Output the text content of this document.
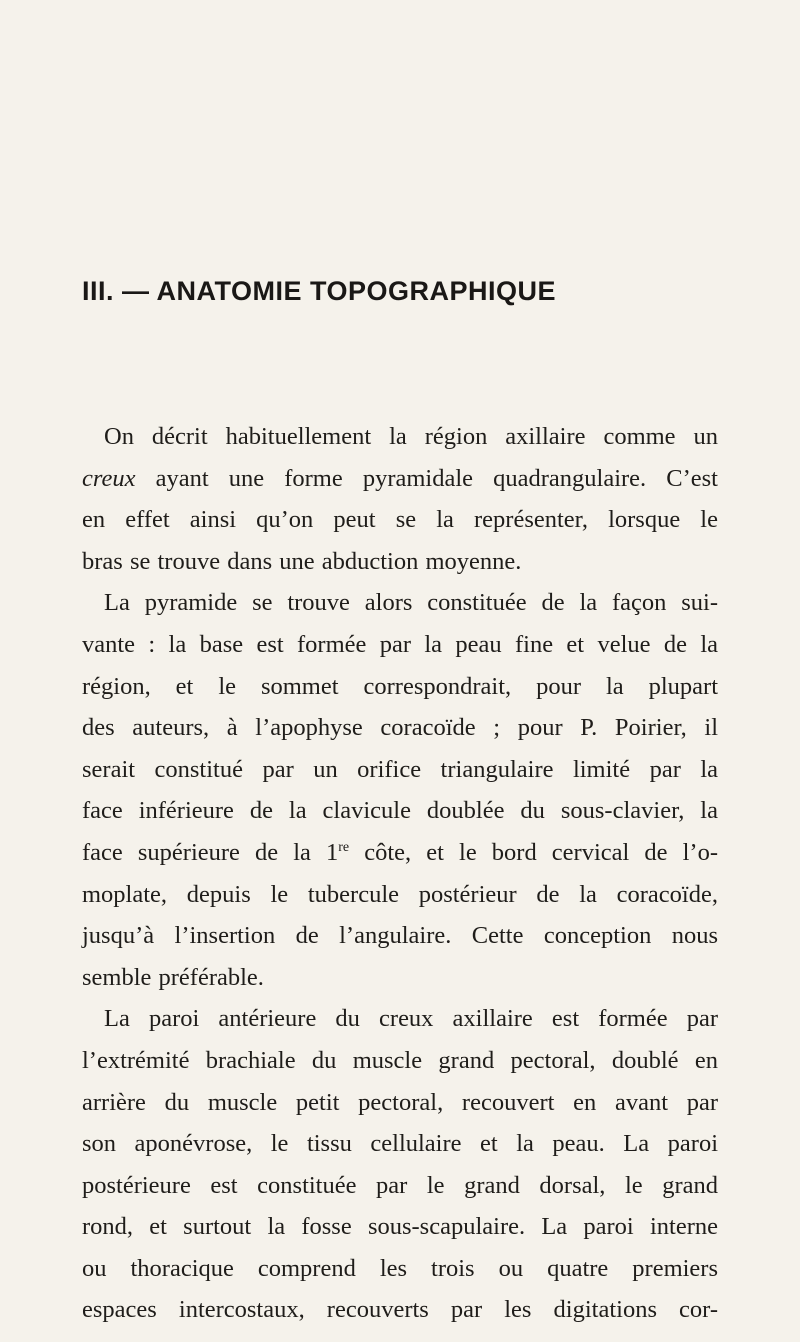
III. — ANATOMIE TOPOGRAPHIQUE
On décrit habituellement la région axillaire comme un
creux ayant une forme pyramidale quadrangulaire. C’est
en effet ainsi qu’on peut se la représenter, lorsque le
bras se trouve dans une abduction moyenne.
La pyramide se trouve alors constituée de la façon sui-
vante : la base est formée par la peau fine et velue de la
région, et le sommet correspondrait, pour la plupart
des auteurs, à l’apophyse coracoïde ; pour P. Poirier, il
serait constitué par un orifice triangulaire limité par la
face inférieure de la clavicule doublée du sous-clavier, la
face supérieure de la 1re côte, et le bord cervical de l’o-
moplate, depuis le tubercule postérieur de la coracoïde,
jusqu’à l’insertion de l’angulaire. Cette conception nous
semble préférable.
La paroi antérieure du creux axillaire est formée par
l’extrémité brachiale du muscle grand pectoral, doublé en
arrière du muscle petit pectoral, recouvert en avant par
son aponévrose, le tissu cellulaire et la peau. La paroi
postérieure est constituée par le grand dorsal, le grand
rond, et surtout la fosse sous-scapulaire. La paroi interne
ou thoracique comprend les trois ou quatre premiers
espaces intercostaux, recouverts par les digitations cor-
